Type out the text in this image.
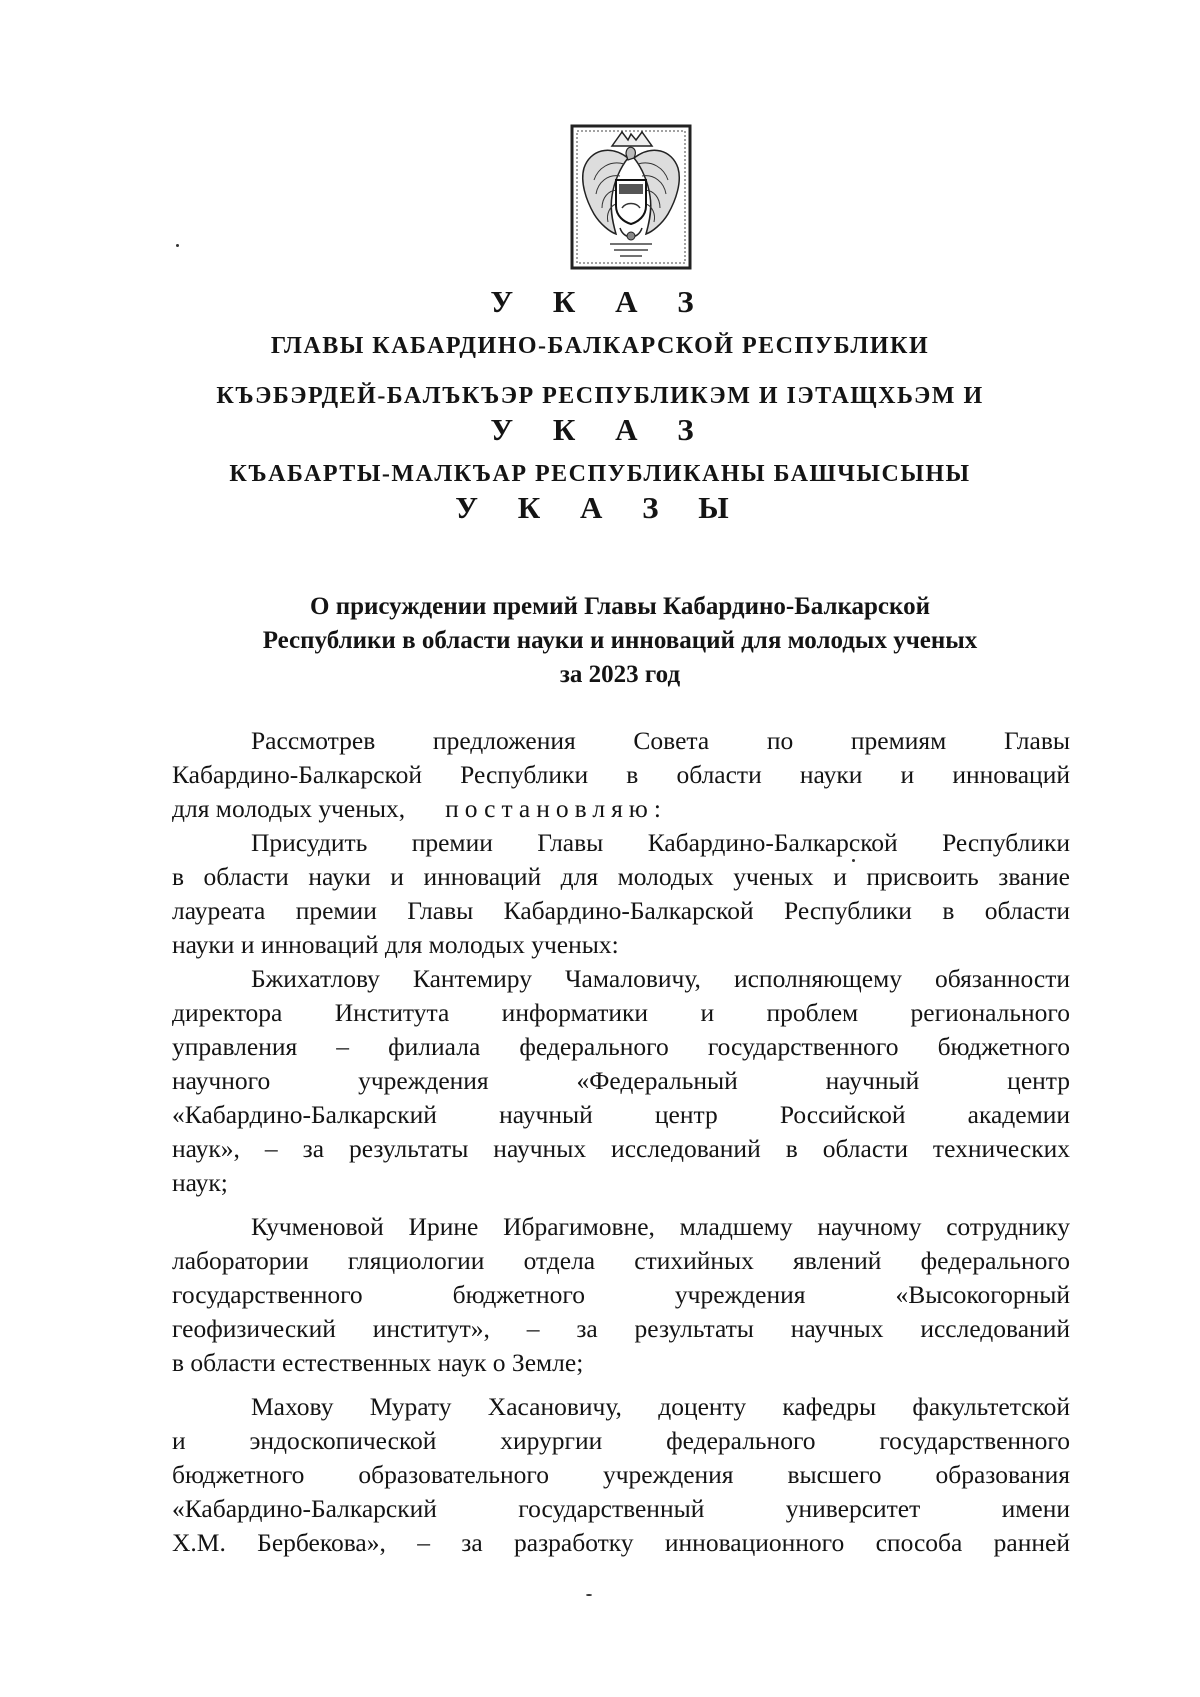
У К А З
ГЛАВЫ КАБАРДИНО-БАЛКАРСКОЙ РЕСПУБЛИКИ
КЪЭБЭРДЕЙ-БАЛЪКЪЭР РЕСПУБЛИКЭМ И ІЭТАЩХЬЭМ И
У К А З
КЪАБАРТЫ-МАЛКЪАР РЕСПУБЛИКАНЫ БАШЧЫСЫНЫ
У К А З Ы
О присуждении премий Главы Кабардино-Балкарской
Республики в области науки и инноваций для молодых ученых
за 2023 год

Рассмотрев предложения Совета по премиям Главы

Кабардино-Балкарской Республики в области науки и инноваций

для молодых ученых, постановляю:

Присудить премии Главы Кабардино-Балкарской Республики

в области науки и инноваций для молодых ученых и присвоить звание

лауреата премии Главы Кабардино-Балкарской Республики в области

науки и инноваций для молодых ученых:

Бжихатлову Кантемиру Чамаловичу, исполняющему обязанности

директора Института информатики и проблем регионального

управления – филиала федерального государственного бюджетного

научного учреждения «Федеральный научный центр

«Кабардино-Балкарский научный центр Российской академии

наук», – за результаты научных исследований в области технических

наук;

Кучменовой Ирине Ибрагимовне, младшему научному сотруднику

лаборатории гляциологии отдела стихийных явлений федерального

государственного бюджетного учреждения «Высокогорный

геофизический институт», – за результаты научных исследований

в области естественных наук о Земле;

Махову Мурату Хасановичу, доценту кафедры факультетской

и эндоскопической хирургии федерального государственного

бюджетного образовательного учреждения высшего образования

«Кабардино-Балкарский государственный университет имени

Х.М. Бербекова», – за разработку инновационного способа ранней
